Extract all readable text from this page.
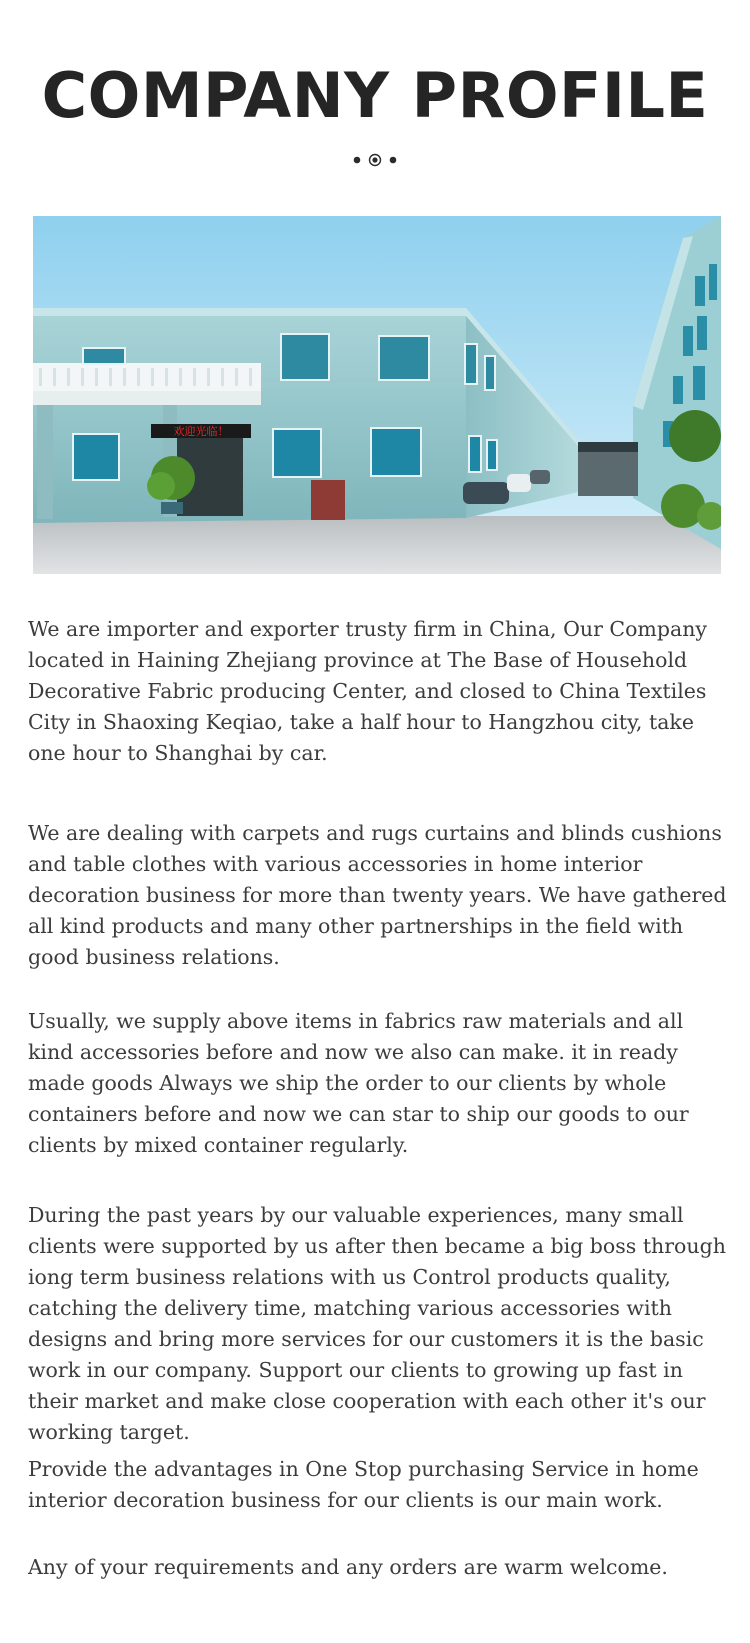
COMPANY PROFILE
欢迎光临！

We are importer and exporter trusty firm in China, Our Company located in Haining Zhejiang province at The Base of Household Decorative Fabric producing Center, and closed to China Textiles City in Shaoxing Keqiao, take a half hour to Hangzhou city, take one hour to Shanghai by car.

We are dealing with carpets and rugs curtains and blinds cushions and table clothes with various accessories in home interior decoration business for more than twenty years. We have gathered all kind products and many other partnerships in the field with good business relations.

Usually, we supply above items in fabrics raw materials and all kind accessories before and now we also can make. it in ready made goods Always we ship the order to our clients by whole containers before and now we can star to ship our goods to our clients by mixed container regularly.

During the past years by our valuable experiences, many small clients were supported by us after then became a big boss through iong term business relations with us Control products quality, catching the delivery time, matching various accessories with designs and bring more services for our customers it is the basic work in our company. Support our clients to growing up fast in their market and make close cooperation with each other it's our working target.

Provide the advantages in One Stop purchasing Service in home interior decoration business for our clients is our main work.

Any of your requirements and any orders are warm welcome.
